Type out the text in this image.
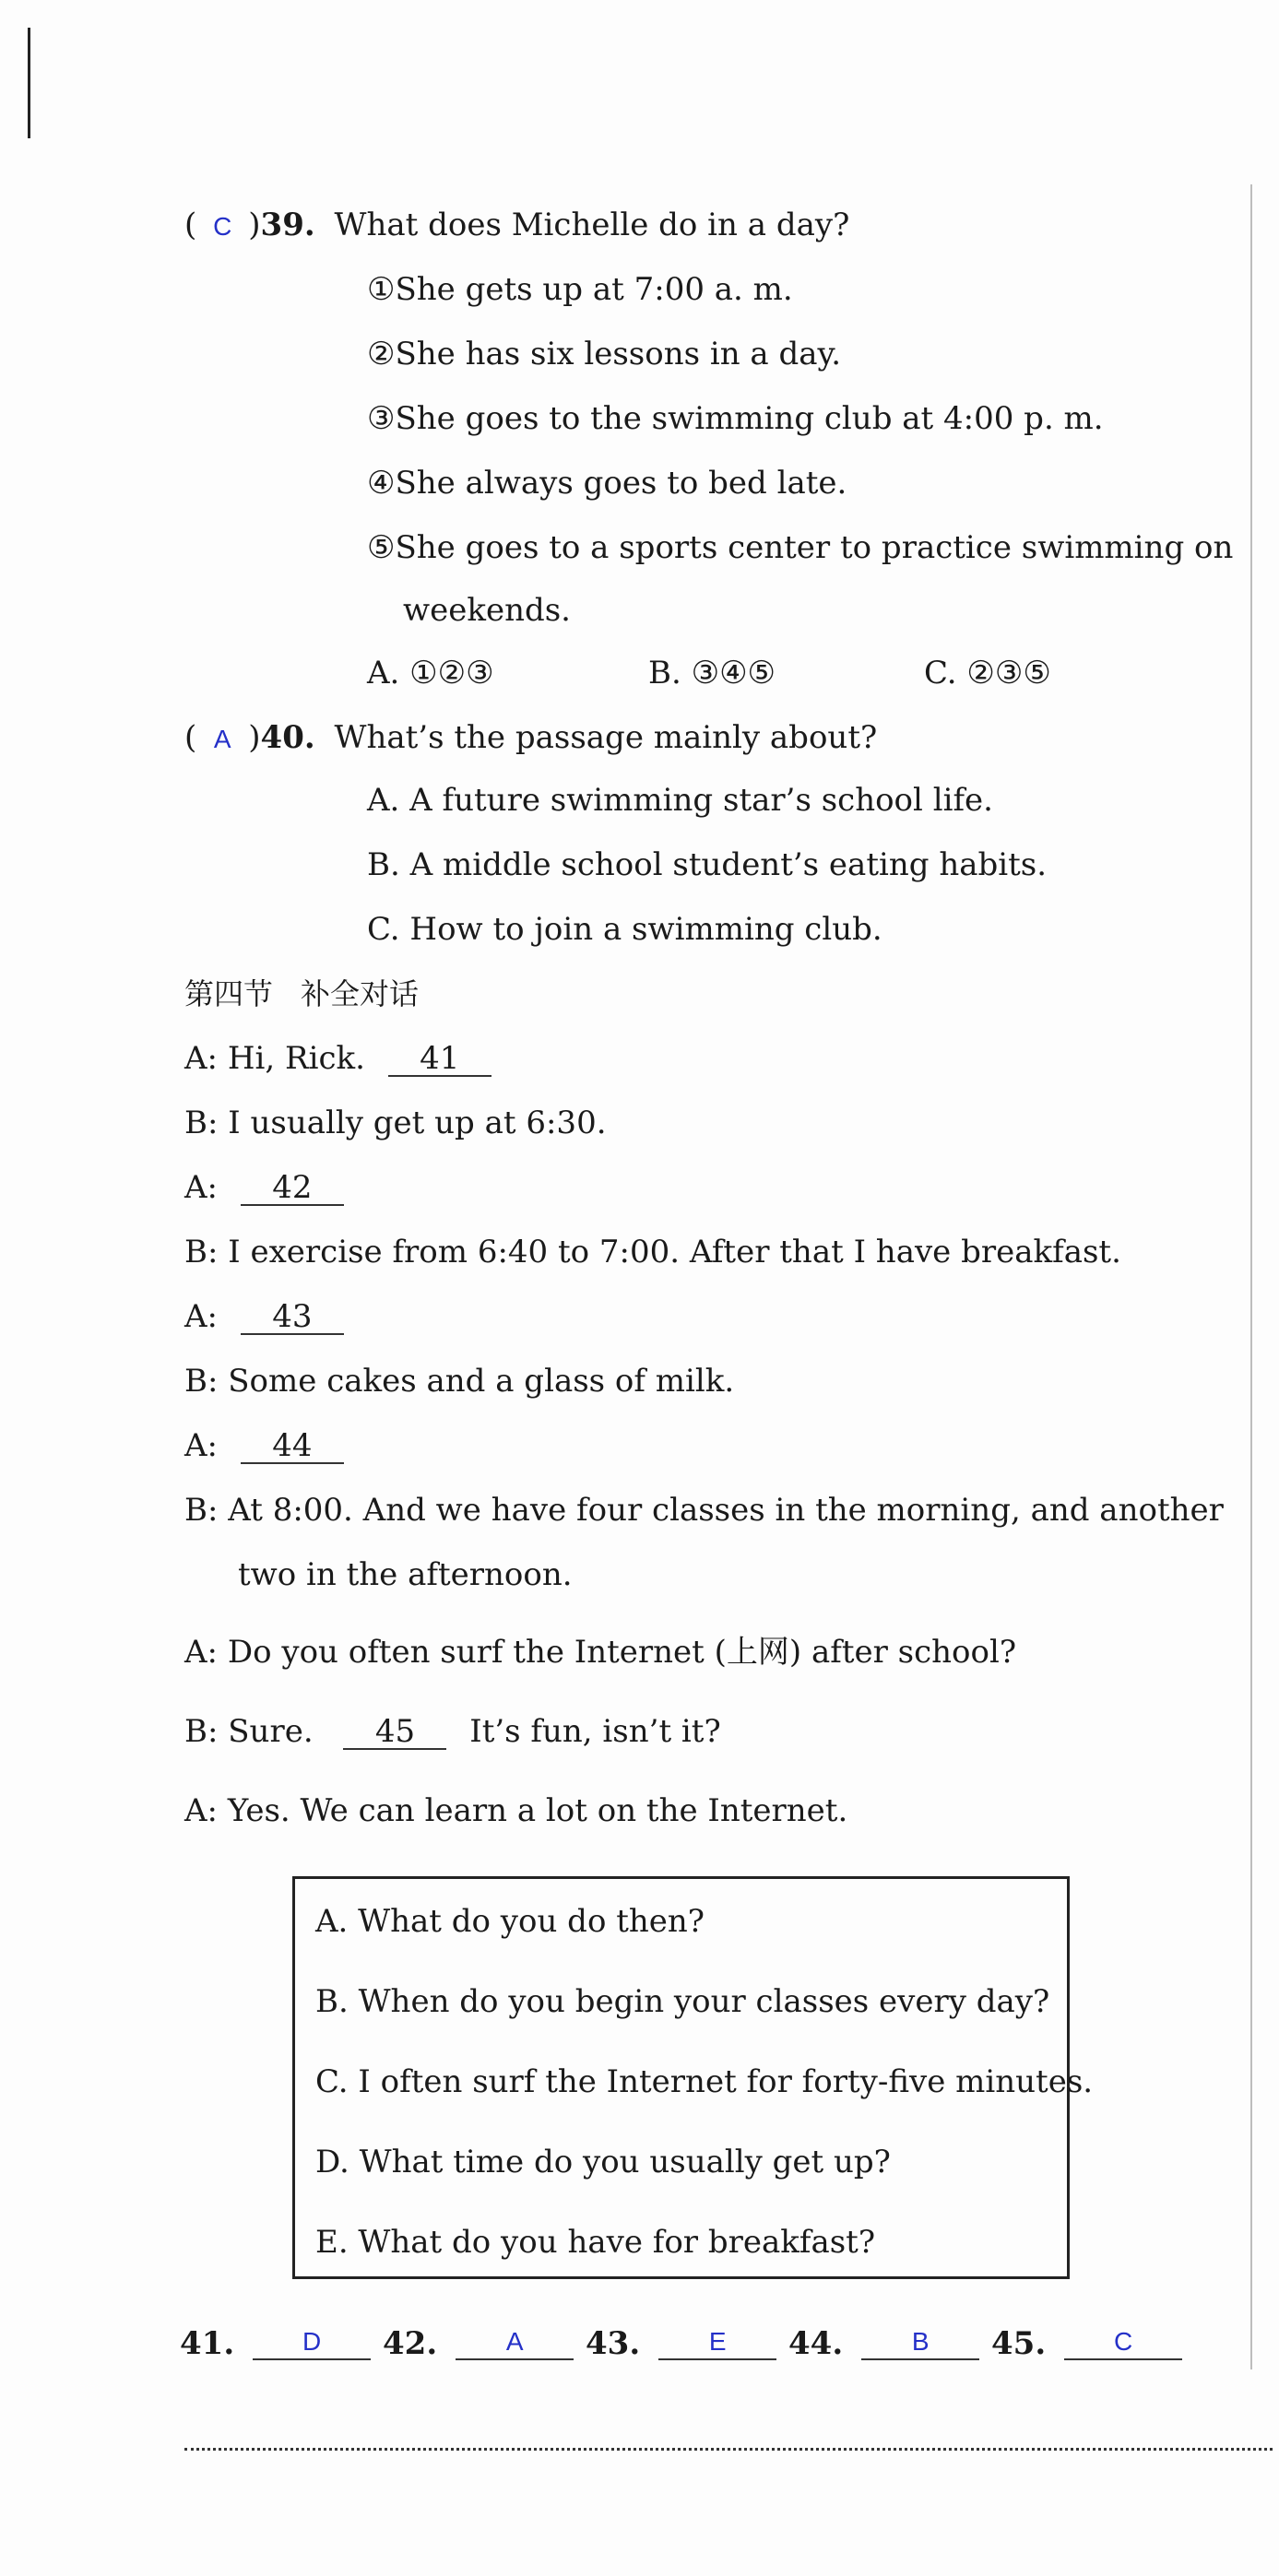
( C )39. What does Michelle do in a day?
①She gets up at 7:00 a. m.
②She has six lessons in a day.
③She goes to the swimming club at 4:00 p. m.
④She always goes to bed late.
⑤She goes to a sports center to practice swimming on
weekends.
A. ①②③	B. ③④⑤	C. ②③⑤
( A )40. What’s the passage mainly about?
A. A future swimming star’s school life.
B. A middle school student’s eating habits.
C. How to join a swimming club.
第四节 补全对话
A: Hi, Rick. 41
B: I usually get up at 6:30.
A: 42
B: I exercise from 6:40 to 7:00. After that I have breakfast.
A: 43
B: Some cakes and a glass of milk.
A: 44
B: At 8:00. And we have four classes in the morning, and another
two in the afternoon.
A: Do you often surf the Internet (上网) after school?
B: Sure. 45 It’s fun, isn’t it?
A: Yes. We can learn a lot on the Internet.
A. What do you do then?
B. When do you begin your classes every day?
C. I often surf the Internet for forty-five minutes.
D. What time do you usually get up?
E. What do you have for breakfast?
41.	D	42.	A	43.	E	44.	B	45.	C
